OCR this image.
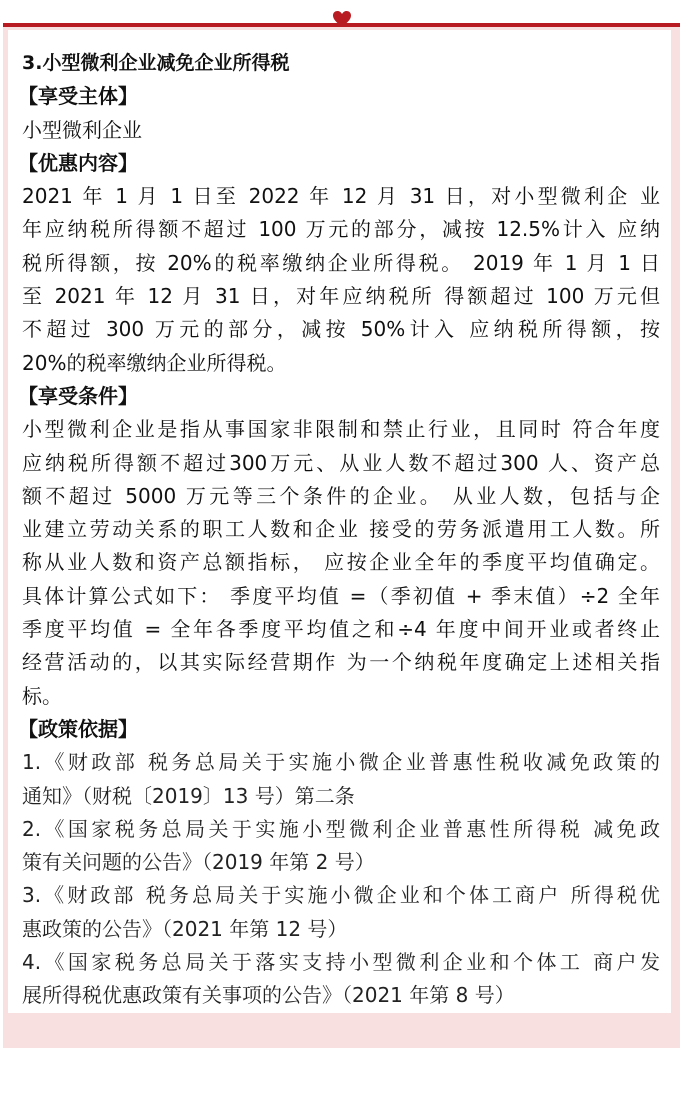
3.小型微利企业减免企业所得税
【享受主体】
小型微利企业
【优惠内容】
2021 年 1 月 1 日至 2022 年 12 月 31 日，对小型微利企 业
年应纳税所得额不超过 100 万元的部分，减按 12.5%计入 应纳
税所得额，按 20%的税率缴纳企业所得税。 2019 年 1 月 1 日
至 2021 年 12 月 31 日，对年应纳税所 得额超过 100 万元但
不超过 300 万元的部分，减按 50%计入 应纳税所得额，按
20%的税率缴纳企业所得税。
【享受条件】
小型微利企业是指从事国家非限制和禁止行业，且同时 符合年度
应纳税所得额不超过300万元、从业人数不超过300 人、资产总
额不超过 5000 万元等三个条件的企业。 从业人数，包括与企
业建立劳动关系的职工人数和企业 接受的劳务派遣用工人数。所
称从业人数和资产总额指标， 应按企业全年的季度平均值确定。
具体计算公式如下： 季度平均值 =（季初值 + 季末值）÷2 全年
季度平均值 = 全年各季度平均值之和÷4 年度中间开业或者终止
经营活动的，以其实际经营期作 为一个纳税年度确定上述相关指
标。
【政策依据】
1.《财政部 税务总局关于实施小微企业普惠性税收减免政策的
通知》（财税〔2019〕13 号）第二条
2.《国家税务总局关于实施小型微利企业普惠性所得税 减免政
策有关问题的公告》（2019 年第 2 号）
3.《财政部 税务总局关于实施小微企业和个体工商户 所得税优
惠政策的公告》（2021 年第 12 号）
4.《国家税务总局关于落实支持小型微利企业和个体工 商户发
展所得税优惠政策有关事项的公告》（2021 年第 8 号）
